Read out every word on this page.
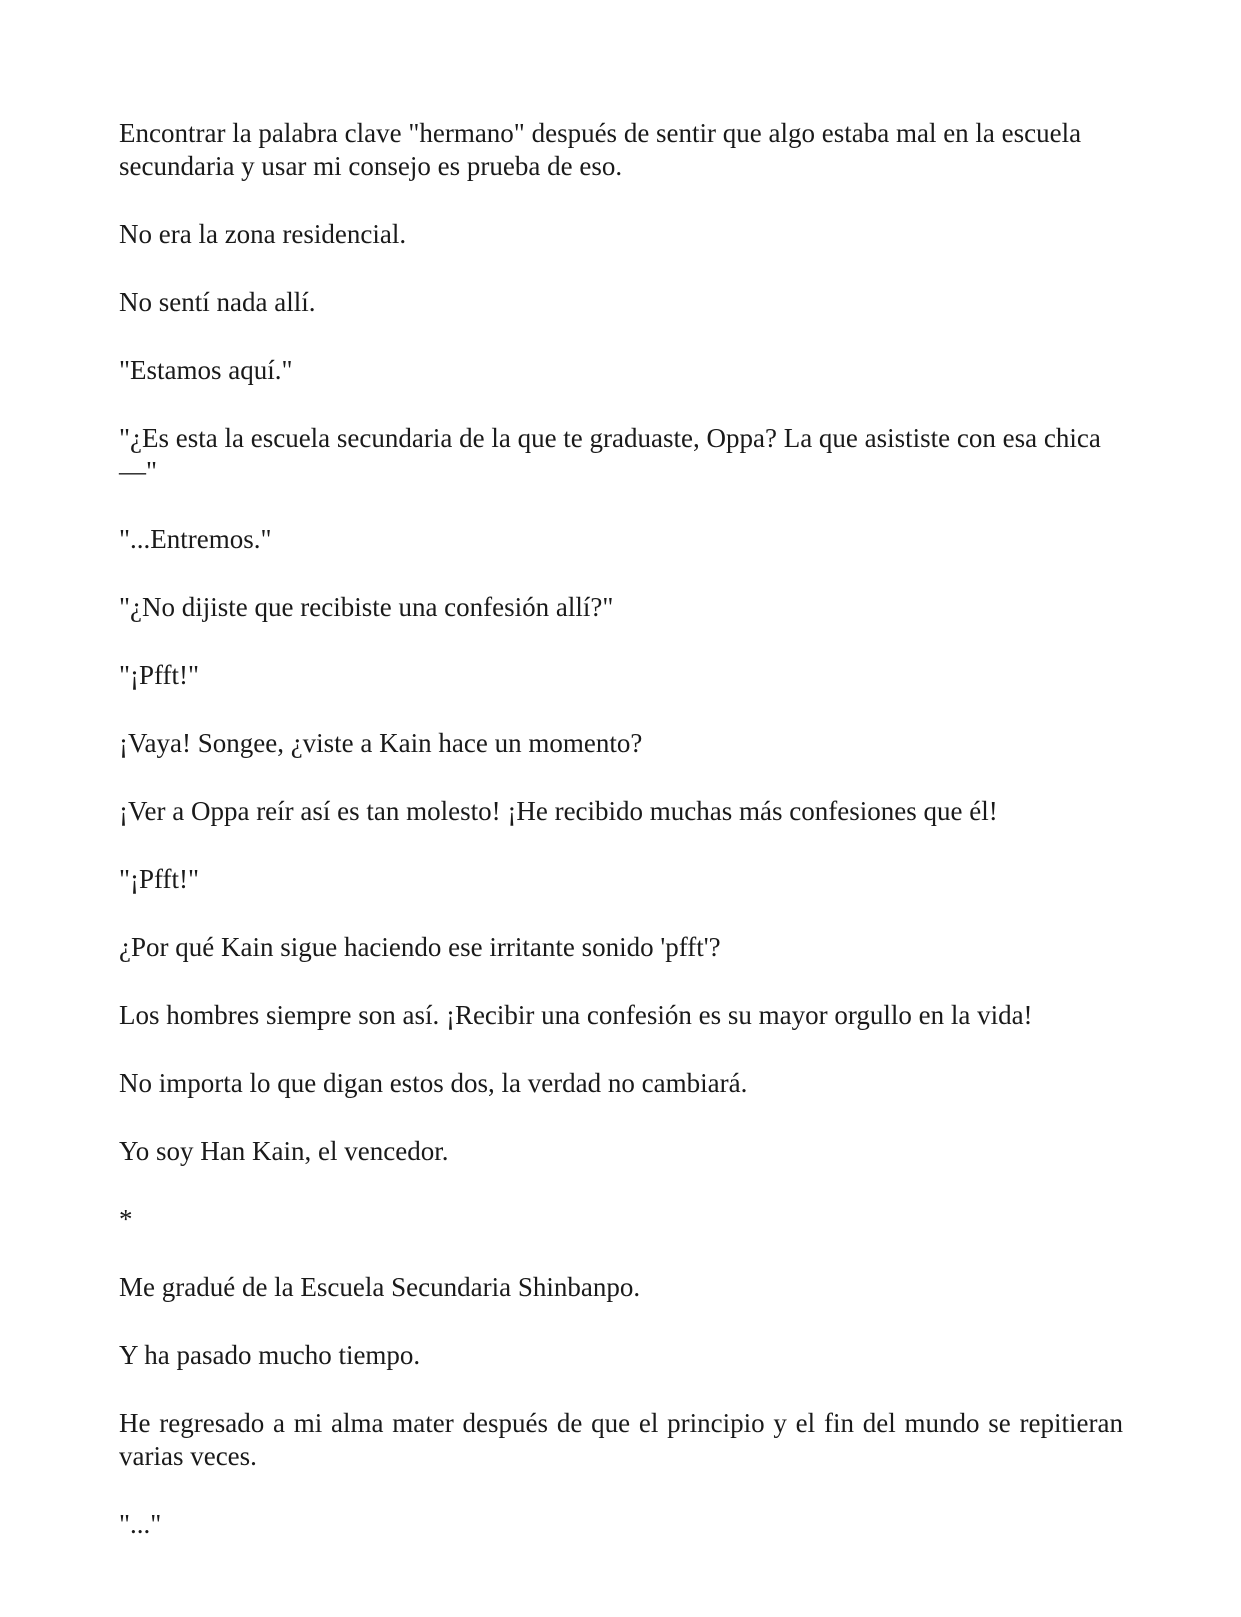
Encontrar la palabra clave "hermano" después de sentir que algo estaba mal en la escuela secundaria y usar mi consejo es prueba de eso.

No era la zona residencial.

No sentí nada allí.

"Estamos aquí."

"¿Es esta la escuela secundaria de la que te graduaste, Oppa? La que asististe con esa chica—"

"...Entremos."

"¿No dijiste que recibiste una confesión allí?"

"¡Pfft!"

¡Vaya! Songee, ¿viste a Kain hace un momento?

¡Ver a Oppa reír así es tan molesto! ¡He recibido muchas más confesiones que él!

"¡Pfft!"

¿Por qué Kain sigue haciendo ese irritante sonido 'pfft'?

Los hombres siempre son así. ¡Recibir una confesión es su mayor orgullo en la vida!

No importa lo que digan estos dos, la verdad no cambiará.

Yo soy Han Kain, el vencedor.

*

Me gradué de la Escuela Secundaria Shinbanpo.

Y ha pasado mucho tiempo.

He regresado a mi alma mater después de que el principio y el fin del mundo se repitieran varias veces.

"..."
